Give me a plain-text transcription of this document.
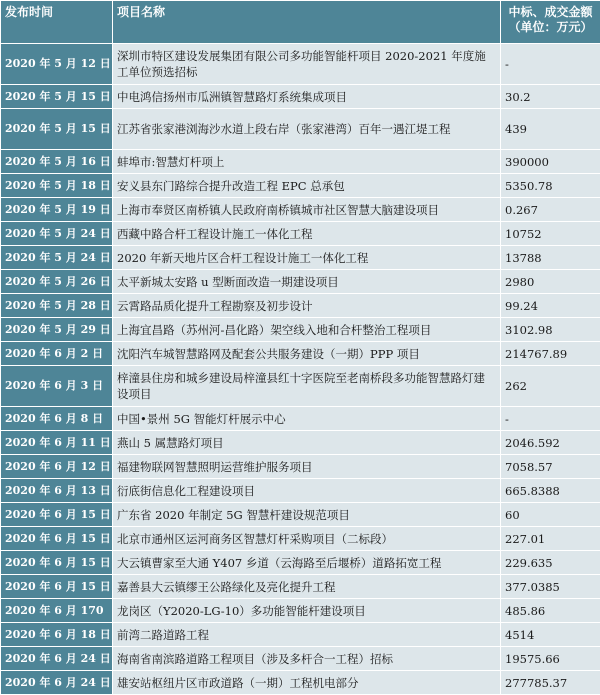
发布时间	项目名称	中标、成交金额（单位：万元）
2020 年 5 月 12 日	深圳市特区建设发展集团有限公司多功能智能杆项目 2020-2021 年度施工单位预选招标	-
2020 年 5 月 15 日	中电鸿信扬州市瓜洲镇智慧路灯系统集成项目	30.2
2020 年 5 月 15 日	江苏省张家港浏海沙水道上段右岸（张家港湾）百年一遇江堤工程	439
2020 年 5 月 16 日	蚌埠市:智慧灯杆项上	390000
2020 年 5 月 18 日	安义县东门路综合提升改造工程 EPC 总承包	5350.78
2020 年 5 月 19 日	上海市奉贤区南桥镇人民政府南桥镇城市社区智慧大脑建设项目	0.267
2020 年 5 月 24 日	西藏中路合杆工程设计施工一体化工程	10752
2020 年 5 月 24 日	2020 年新天地片区合杆工程设计施工一体化工程	13788
2020 年 5 月 26 日	太平新城太安路 u 型断面改造一期建设项目	2980
2020 年 5 月 28 日	云霄路品质化提升工程勘察及初步设计	99.24
2020 年 5 月 29 日	上海宜昌路（苏州河-昌化路）架空线入地和合杆整治工程项目	3102.98
2020 年 6 月 2 日	沈阳汽车城智慧路网及配套公共服务建设（一期）PPP 项目	214767.89
2020 年 6 月 3 日	梓潼县住房和城乡建设局梓潼县红十字医院至老南桥段多功能智慧路灯建设项目	262
2020 年 6 月 8 日	中国•景州 5G 智能灯杆展示中心	-
2020 年 6 月 11 日	燕山 5 属慧路灯项目	2046.592
2020 年 6 月 12 日	福建物联网智慧照明运营维护服务项目	7058.57
2020 年 6 月 13 日	衍底街信息化工程建设项目	665.8388
2020 年 6 月 15 日	广东省 2020 年制定 5G 智慧杆建设规范项目	60
2020 年 6 月 15 日	北京市通州区运河商务区智慧灯杆采购项目（二标段）	227.01
2020 年 6 月 15 日	大云镇曹家至大通 Y407 乡道（云海路至后堰桥）道路拓宽工程	229.635
2020 年 6 月 15 日	嘉善县大云镇缪王公路绿化及亮化提升工程	377.0385
2020 年 6 月 170	龙岗区（Y2020-LG-10）多功能智能杆建设项目	485.86
2020 年 6 月 18 日	前湾二路道路工程	4514
2020 年 6 月 24 日	海南省南滨路道路工程项目（涉及多杆合一工程）招标	19575.66
2020 年 6 月 24 日	雄安站枢纽片区市政道路（一期）工程机电部分	277785.37
